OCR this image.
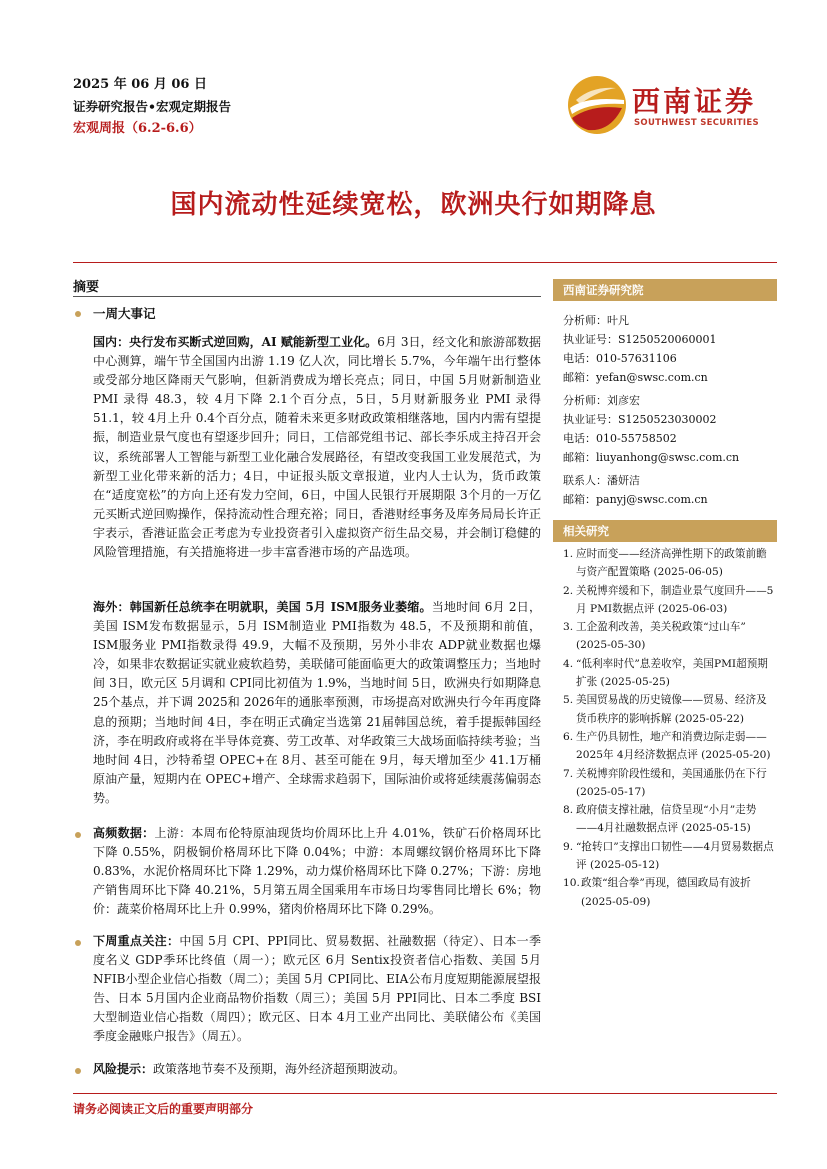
2025 年 06 月 06 日
证券研究报告•宏观定期报告
宏观周报（6.2-6.6）
西南证券
SOUTHWEST SECURITIES
国内流动性延续宽松，欧洲央行如期降息
摘要
一周大事记
国内：央行发布买断式逆回购，AI 赋能新型工业化。6月 3日，经文化和旅游部数据中心测算，端午节全国国内出游 1.19 亿人次，同比增长 5.7%，今年端午出行整体或受部分地区降雨天气影响，但新消费成为增长亮点；同日，中国 5月财新制造业 PMI 录得 48.3，较 4月下降 2.1个百分点，5日，5月财新服务业 PMI 录得 51.1，较 4月上升 0.4个百分点，随着未来更多财政政策相继落地，国内内需有望提振，制造业景气度也有望逐步回升；同日，工信部党组书记、部长李乐成主持召开会议，系统部署人工智能与新型工业化融合发展路径，有望改变我国工业发展范式，为新型工业化带来新的活力；4日，中证报头版文章报道，业内人士认为，货币政策在“适度宽松”的方向上还有发力空间，6日，中国人民银行开展期限 3个月的一万亿元买断式逆回购操作，保持流动性合理充裕；同日，香港财经事务及库务局局长许正宇表示，香港证监会正考虑为专业投资者引入虚拟资产衍生品交易，并会制订稳健的风险管理措施，有关措施将进一步丰富香港市场的产品选项。
海外：韩国新任总统李在明就职，美国 5月 ISM服务业萎缩。当地时间 6月 2日，美国 ISM发布数据显示，5月 ISM制造业 PMI指数为 48.5，不及预期和前值，ISM服务业 PMI指数录得 49.9，大幅不及预期，另外小非农 ADP就业数据也爆冷，如果非农数据证实就业疲软趋势，美联储可能面临更大的政策调整压力；当地时间 3日，欧元区 5月调和 CPI同比初值为 1.9%，当地时间 5日，欧洲央行如期降息 25个基点，并下调 2025和 2026年的通胀率预测，市场提高对欧洲央行今年再度降息的预期；当地时间 4日，李在明正式确定当选第 21届韩国总统，着手提振韩国经济，李在明政府或将在半导体竞赛、劳工改革、对华政策三大战场面临持续考验；当地时间 4日，沙特希望 OPEC+在 8月、甚至可能在 9月，每天增加至少 41.1万桶原油产量，短期内在 OPEC+增产、全球需求趋弱下，国际油价或将延续震荡偏弱态势。
高频数据：上游：本周布伦特原油现货均价周环比上升 4.01%，铁矿石价格周环比下降 0.55%，阴极铜价格周环比下降 0.04%；中游：本周螺纹钢价格周环比下降 0.83%，水泥价格周环比下降 1.29%，动力煤价格周环比下降 0.27%；下游：房地产销售周环比下降 40.21%，5月第五周全国乘用车市场日均零售同比增长 6%；物价：蔬菜价格周环比上升 0.99%，猪肉价格周环比下降 0.29%。
下周重点关注：中国 5月 CPI、PPI同比、贸易数据、社融数据（待定）、日本一季度名义 GDP季环比终值（周一）；欧元区 6月 Sentix投资者信心指数、美国 5月 NFIB小型企业信心指数（周二）；美国 5月 CPI同比、EIA公布月度短期能源展望报告、日本 5月国内企业商品物价指数（周三）；美国 5月 PPI同比、日本二季度 BSI大型制造业信心指数（周四）；欧元区、日本 4月工业产出同比、美联储公布《美国季度金融账户报告》（周五）。
风险提示：政策落地节奏不及预期，海外经济超预期波动。
西南证券研究院
分析师：叶凡
执业证号：S1250520060001
电话：010-57631106
邮箱：yefan@swsc.com.cn
分析师：刘彦宏
执业证号：S1250523030002
电话：010-55758502
邮箱：liuyanhong@swsc.com.cn
联系人：潘妍洁
邮箱：panyj@swsc.com.cn
相关研究
1. 应时而变——经济高弹性期下的政策前瞻与资产配置策略 (2025-06-05)
2. 关税博弈缓和下，制造业景气度回升——5月 PMI数据点评 (2025-06-03)
3. 工企盈利改善，美关税政策“过山车” (2025-05-30)
4. “低利率时代”息差收窄，美国PMI超预期扩张 (2025-05-25)
5. 美国贸易战的历史镜像——贸易、经济及货币秩序的影响拆解 (2025-05-22)
6. 生产仍具韧性，地产和消费边际走弱——2025年 4月经济数据点评 (2025-05-20)
7. 关税博弈阶段性缓和，美国通胀仍在下行 (2025-05-17)
8. 政府债支撑社融，信贷呈现“小月”走势——4月社融数据点评 (2025-05-15)
9. “抢转口”支撑出口韧性——4月贸易数据点评 (2025-05-12)
10. 政策“组合拳”再现，德国政局有波折 (2025-05-09)
请务必阅读正文后的重要声明部分
